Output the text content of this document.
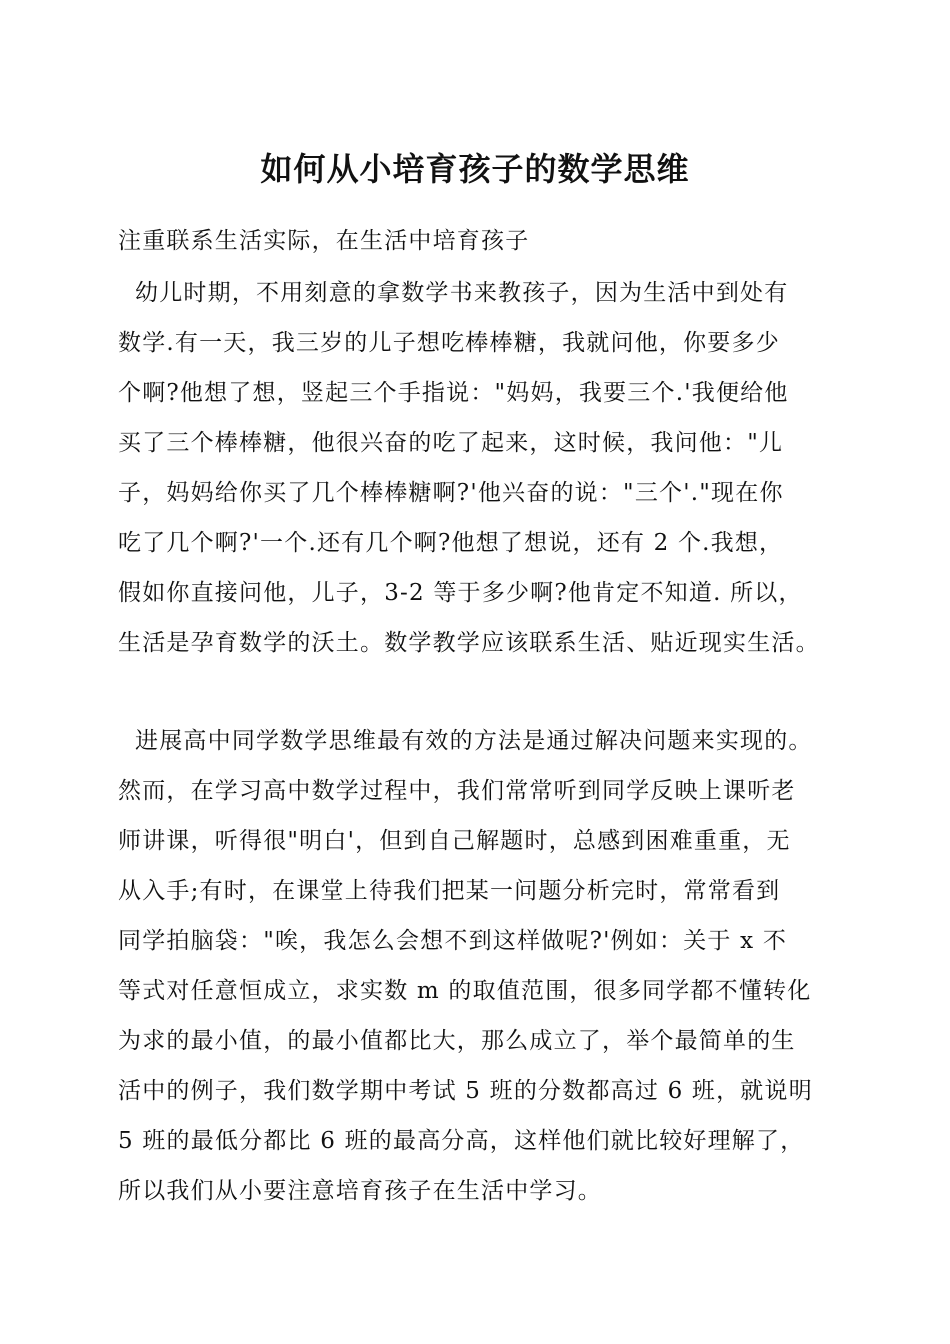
如何从小培育孩子的数学思维

注重联系生活实际，在生活中培育孩子

幼儿时期，不用刻意的拿数学书来教孩子，因为生活中到处有

数学.有一天，我三岁的儿子想吃棒棒糖，我就问他，你要多少

个啊?他想了想，竖起三个手指说："妈妈，我要三个.'我便给他

买了三个棒棒糖，他很兴奋的吃了起来，这时候，我问他："儿

子，妈妈给你买了几个棒棒糖啊?'他兴奋的说："三个'."现在你

吃了几个啊?'一个.还有几个啊?他想了想说，还有 2 个.我想，

假如你直接问他，儿子，3-2 等于多少啊?他肯定不知道. 所以，

生活是孕育数学的沃土。数学教学应该联系生活、贴近现实生活。

进展高中同学数学思维最有效的方法是通过解决问题来实现的。

然而，在学习高中数学过程中，我们常常听到同学反映上课听老

师讲课，听得很"明白'，但到自己解题时，总感到困难重重，无

从入手;有时，在课堂上待我们把某一问题分析完时，常常看到

同学拍脑袋："唉，我怎么会想不到这样做呢?'例如：关于 x 不

等式对任意恒成立，求实数 m 的取值范围，很多同学都不懂转化

为求的最小值，的最小值都比大，那么成立了，举个最简单的生

活中的例子，我们数学期中考试 5 班的分数都高过 6 班，就说明

5 班的最低分都比 6 班的最高分高，这样他们就比较好理解了，

所以我们从小要注意培育孩子在生活中学习。
